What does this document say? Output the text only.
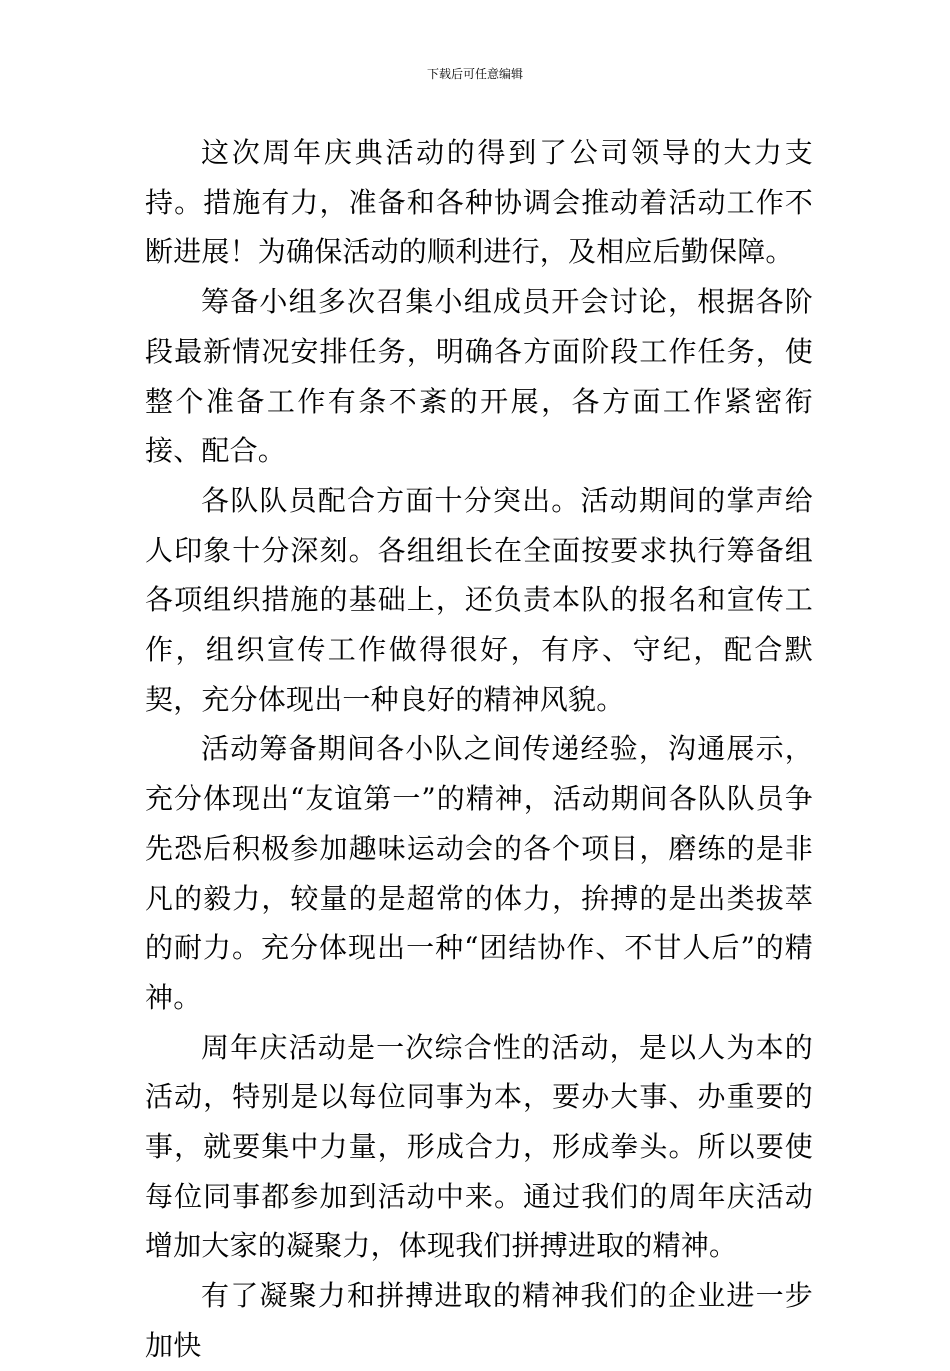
下载后可任意编辑

这次周年庆典活动的得到了公司领导的大力支持。措施有力，准备和各种协调会推动着活动工作不断进展！为确保活动的顺利进行，及相应后勤保障。

筹备小组多次召集小组成员开会讨论，根据各阶段最新情况安排任务，明确各方面阶段工作任务，使整个准备工作有条不紊的开展，各方面工作紧密衔接、配合。

各队队员配合方面十分突出。活动期间的掌声给人印象十分深刻。各组组长在全面按要求执行筹备组各项组织措施的基础上，还负责本队的报名和宣传工作，组织宣传工作做得很好，有序、守纪，配合默契，充分体现出一种良好的精神风貌。

活动筹备期间各小队之间传递经验，沟通展示，充分体现出“友谊第一”的精神，活动期间各队队员争先恐后积极参加趣味运动会的各个项目，磨练的是非凡的毅力，较量的是超常的体力，拚搏的是出类拔萃的耐力。充分体现出一种“团结协作、不甘人后”的精神。

周年庆活动是一次综合性的活动，是以人为本的活动，特别是以每位同事为本，要办大事、办重要的事，就要集中力量，形成合力，形成拳头。所以要使每位同事都参加到活动中来。通过我们的周年庆活动增加大家的凝聚力，体现我们拼搏进取的精神。

有了凝聚力和拼搏进取的精神我们的企业进一步加快
